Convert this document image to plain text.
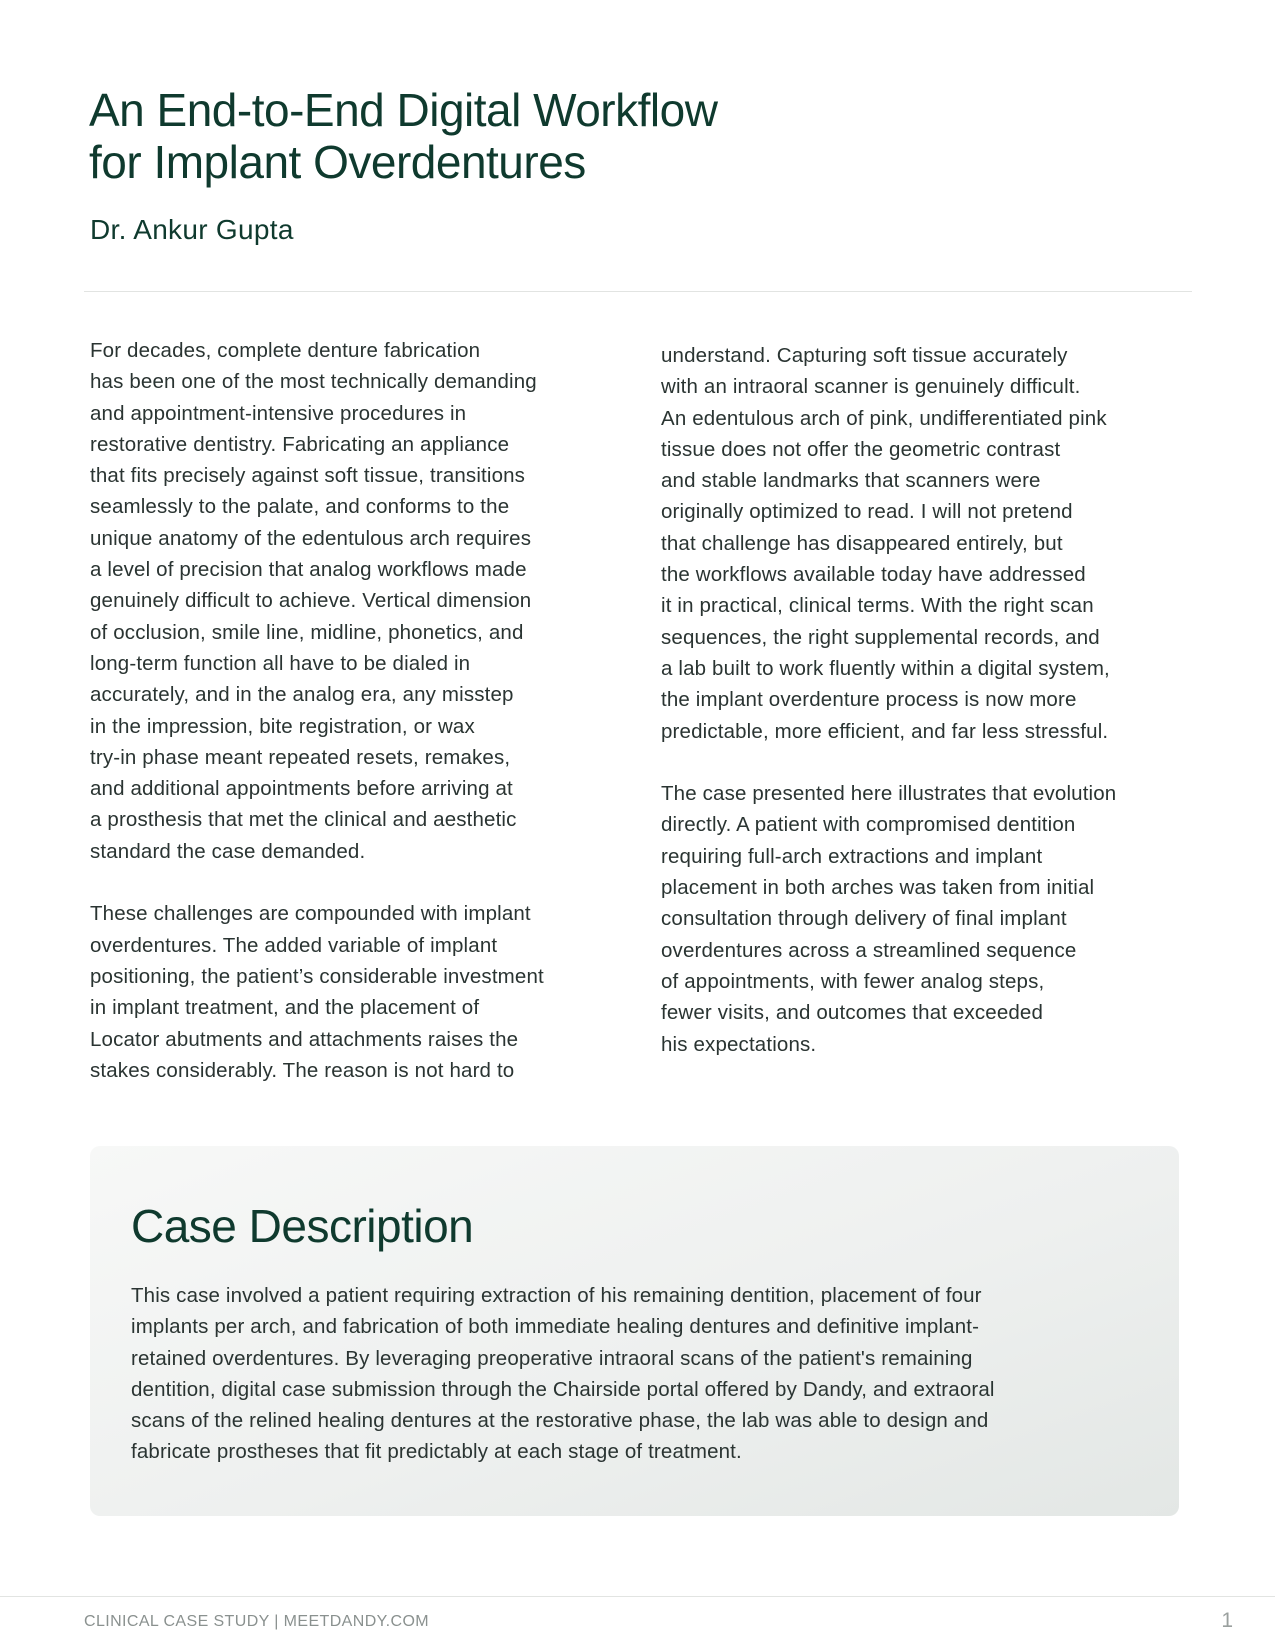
An End-to-End Digital Workflow
for Implant Overdentures
Dr. Ankur Gupta

For decades, complete denture fabrication
has been one of the most technically demanding
and appointment-intensive procedures in
restorative dentistry. Fabricating an appliance
that fits precisely against soft tissue, transitions
seamlessly to the palate, and conforms to the
unique anatomy of the edentulous arch requires
a level of precision that analog workflows made
genuinely difficult to achieve. Vertical dimension
of occlusion, smile line, midline, phonetics, and
long-term function all have to be dialed in
accurately, and in the analog era, any misstep
in the impression, bite registration, or wax
try-in phase meant repeated resets, remakes,
and additional appointments before arriving at
a prosthesis that met the clinical and aesthetic
standard the case demanded.

These challenges are compounded with implant
overdentures. The added variable of implant
positioning, the patient’s considerable investment
in implant treatment, and the placement of
Locator abutments and attachments raises the
stakes considerably. The reason is not hard to

understand. Capturing soft tissue accurately
with an intraoral scanner is genuinely difficult.
An edentulous arch of pink, undifferentiated pink
tissue does not offer the geometric contrast
and stable landmarks that scanners were
originally optimized to read. I will not pretend
that challenge has disappeared entirely, but
the workflows available today have addressed
it in practical, clinical terms. With the right scan
sequences, the right supplemental records, and
a lab built to work fluently within a digital system,
the implant overdenture process is now more
predictable, more efficient, and far less stressful.

The case presented here illustrates that evolution
directly. A patient with compromised dentition
requiring full-arch extractions and implant
placement in both arches was taken from initial
consultation through delivery of final implant
overdentures across a streamlined sequence
of appointments, with fewer analog steps,
fewer visits, and outcomes that exceeded
his expectations.

Case Description
This case involved a patient requiring extraction of his remaining dentition, placement of four
implants per arch, and fabrication of both immediate healing dentures and definitive implant-
retained overdentures. By leveraging preoperative intraoral scans of the patient's remaining
dentition, digital case submission through the Chairside portal offered by Dandy, and extraoral
scans of the relined healing dentures at the restorative phase, the lab was able to design and
fabricate prostheses that fit predictably at each stage of treatment.
CLINICAL CASE STUDY | MEETDANDY.COM	1
